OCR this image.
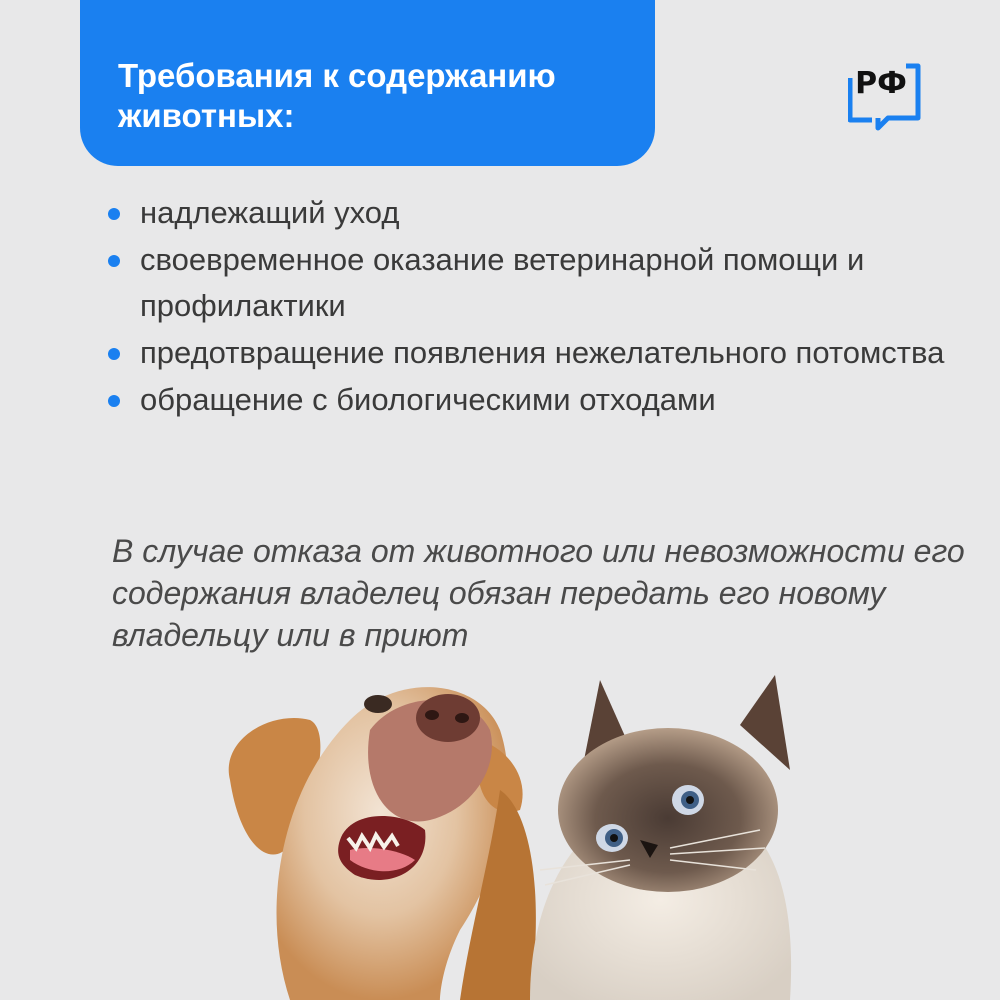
Требования к содержанию животных:

РФ
надлежащий уход
своевременное оказание ветеринарной помощи и профилактики
предотвращение появления нежелательного потомства
обращение с биологическими отходами

В случае отказа от животного или невозможности его содержания владелец обязан передать его новому владельцу или в приют
